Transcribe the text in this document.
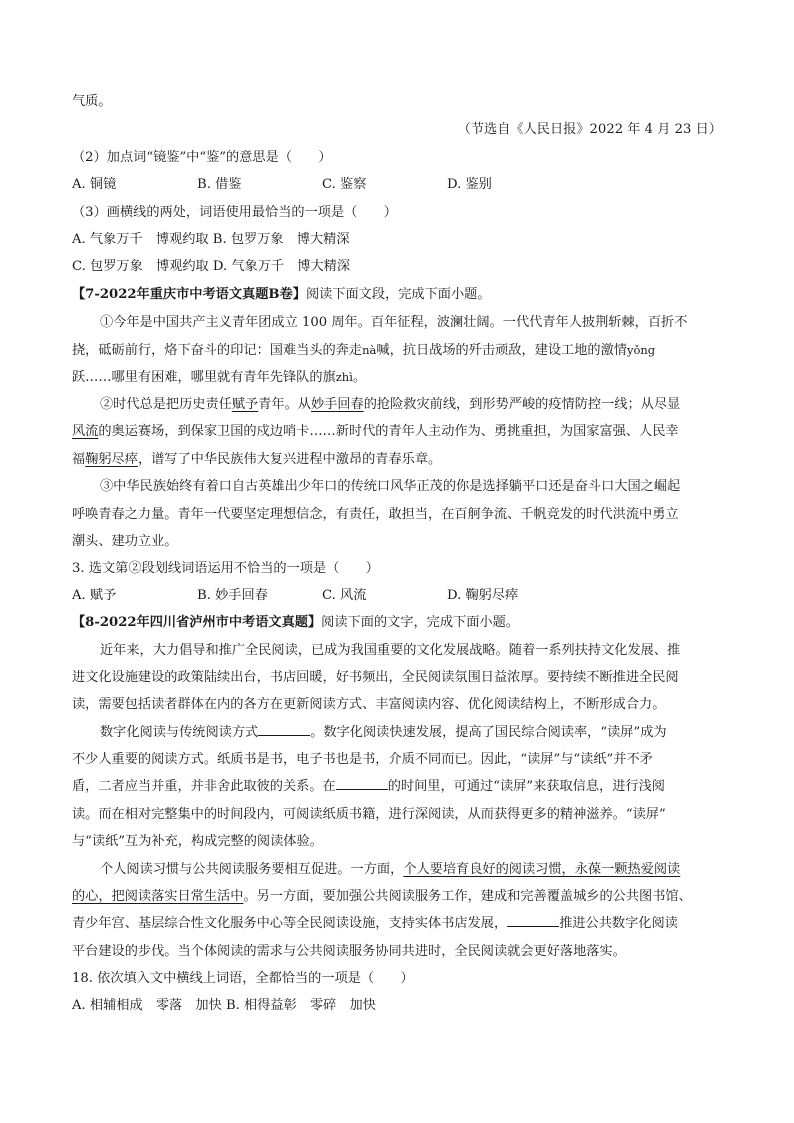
气质。
（节选自《人民日报》2022 年 4 月 23 日）
（2）加点词“镜鉴”中“鉴”的意思是（　　）
A. 铜镜	B. 借鉴	C. 鉴察	D. 鉴别
（3）画横线的两处，词语使用最恰当的一项是（　　）
A. 气象万千　博观约取 B. 包罗万象　博大精深
C. 包罗万象　博观约取 D. 气象万千　博大精深
【7-2022年重庆市中考语文真题B卷】阅读下面文段，完成下面小题。
①今年是中国共产主义青年团成立 100 周年。百年征程，波澜壮阔。一代代青年人披荆斩棘，百折不
挠，砥砺前行，烙下奋斗的印记：国难当头的奔走nà喊，抗日战场的歼击顽敌，建设工地的激情yǒng
跃……哪里有困难，哪里就有青年先锋队的旗zhì。
②时代总是把历史责任赋予青年。从妙手回春的抢险救灾前线，到形势严峻的疫情防控一线；从尽显
风流的奥运赛场，到保家卫国的戍边哨卡……新时代的青年人主动作为、勇挑重担，为国家富强、人民幸
福鞠躬尽瘁，谱写了中华民族伟大复兴进程中激昂的青春乐章。
③中华民族始终有着口自古英雄出少年口的传统口风华正茂的你是选择躺平口还是奋斗口大国之崛起
呼唤青春之力量。青年一代要坚定理想信念，有责任，敢担当，在百舸争流、千帆竞发的时代洪流中勇立
潮头、建功立业。
3. 选文第②段划线词语运用不恰当的一项是（　　）
A. 赋予	B. 妙手回春	C. 风流	D. 鞠躬尽瘁
【8-2022年四川省泸州市中考语文真题】阅读下面的文字，完成下面小题。
近年来，大力倡导和推广全民阅读，已成为我国重要的文化发展战略。随着一系列扶持文化发展、推
进文化设施建设的政策陆续出台，书店回暖，好书频出，全民阅读氛围日益浓厚。要持续不断推进全民阅
读，需要包括读者群体在内的各方在更新阅读方式、丰富阅读内容、优化阅读结构上，不断形成合力。
数字化阅读与传统阅读方式	。数字化阅读快速发展，提高了国民综合阅读率，“读屏”成为
不少人重要的阅读方式。纸质书是书，电子书也是书，介质不同而已。因此，“读屏”与“读纸”并不矛
盾，二者应当并重，并非舍此取彼的关系。在	的时间里，可通过“读屏”来获取信息，进行浅阅
读。而在相对完整集中的时间段内，可阅读纸质书籍，进行深阅读，从而获得更多的精神滋养。“读屏”
与“读纸”互为补充，构成完整的阅读体验。
个人阅读习惯与公共阅读服务要相互促进。一方面，个人要培育良好的阅读习惯，永葆一颗热爱阅读
的心，把阅读落实日常生活中。另一方面，要加强公共阅读服务工作，建成和完善覆盖城乡的公共图书馆、
青少年宫、基层综合性文化服务中心等全民阅读设施，支持实体书店发展，	推进公共数字化阅读
平台建设的步伐。当个体阅读的需求与公共阅读服务协同共进时，全民阅读就会更好落地落实。
18. 依次填入文中横线上词语，全都恰当的一项是（　　）
A. 相辅相成　零落　加快 B. 相得益彰　零碎　加快
